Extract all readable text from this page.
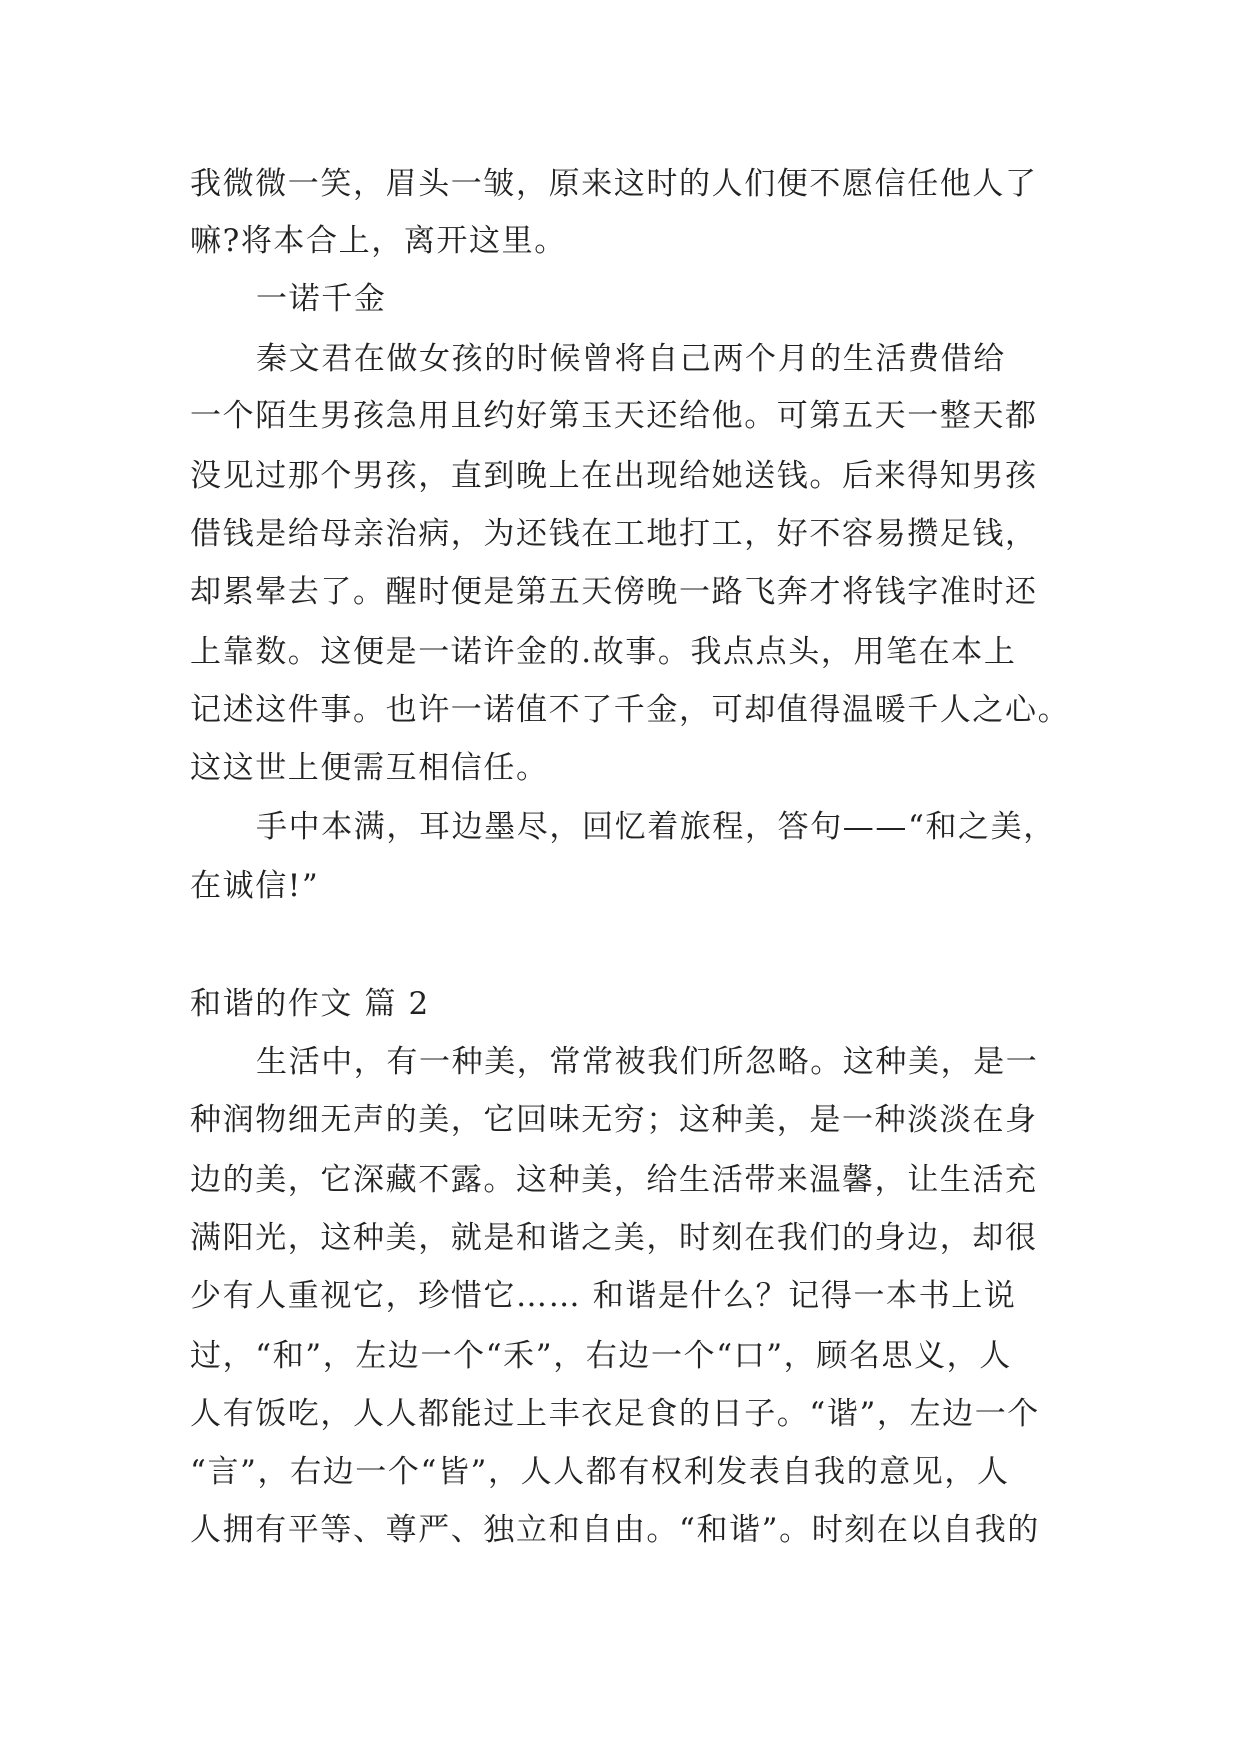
我微微一笑，眉头一皱，原来这时的人们便不愿信任他人了
嘛?将本合上，离开这里。
一诺千金
秦文君在做女孩的时候曾将自己两个月的生活费借给
一个陌生男孩急用且约好第玉天还给他。可第五天一整天都
没见过那个男孩，直到晚上在出现给她送钱。后来得知男孩
借钱是给母亲治病，为还钱在工地打工，好不容易攒足钱，
却累晕去了。醒时便是第五天傍晚一路飞奔才将钱字准时还
上靠数。这便是一诺许金的.故事。我点点头，用笔在本上
记述这件事。也许一诺值不了千金，可却值得温暖千人之心。
这这世上便需互相信任。
手中本满，耳边墨尽，回忆着旅程，答句——“和之美，
在诚信!”
和谐的作文 篇 2
生活中，有一种美，常常被我们所忽略。这种美，是一
种润物细无声的美，它回味无穷；这种美，是一种淡淡在身
边的美，它深藏不露。这种美，给生活带来温馨，让生活充
满阳光，这种美，就是和谐之美，时刻在我们的身边，却很
少有人重视它，珍惜它…… 和谐是什么？记得一本书上说
过，“和”，左边一个“禾”，右边一个“口”，顾名思义，人
人有饭吃，人人都能过上丰衣足食的日子。“谐”，左边一个
“言”，右边一个“皆”，人人都有权利发表自我的意见，人
人拥有平等、尊严、独立和自由。“和谐”。时刻在以自我的
